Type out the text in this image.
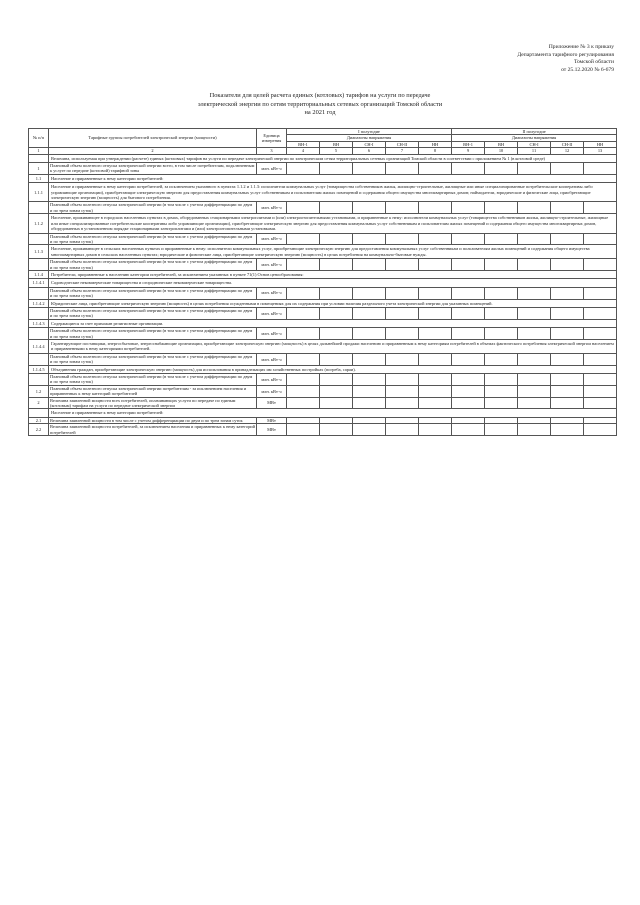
Приложение № 3 к приказу
Департамента тарифного регулирования
Томской области
от 25.12.2020 № 6-679
Показатели для целей расчета единых (котловых) тарифов на услуги по передаче
электрической энергии по сетям территориальных сетевых организаций Томской области
на 2021 год
№ п/п	Тарифные группы потребителей электрической энергии (мощности)	Единица измерения	I полугодие					II полугодие				
			Диапазоны напряжения					Диапазоны напряжения				
			ВН-1	ВН	СН-I	СН-II	НН	ВН-1	ВН	СН-I	СН-II	НН
1	2	3	4	5	6	7	8	9	10	11	12	13
	Величина, используемая при утверждении (расчете) единых (котловых) тарифов на услуги по передаче электрической энергии по электрическим сетям территориальных сетевых организаций Томской области в соответствии с приложением № 1 (в котловой среде)											
1	Плановый объем полезного отпуска электрической энергии всего, в том числе потребителям, подключенным к услуге по передаче (котловой) тарифной зоны	млн. кВт·ч										
1.1	Население и приравненные к нему категории потребителей:											
1.1.1	Население и приравненные к нему категории потребителей, за исключением указанного в пунктах 1.1.2 и 1.1.3: исполнители коммунальных услуг (товарищества собственников жилья, жилищно-строительные, жилищные или иные специализированные потребительские кооперативы либо управляющие организации), приобретающие электрическую энергию для предоставления коммунальных услуг собственникам и пользователям жилых помещений и содержания общего имущества многоквартирных домов; наймодатели, юридические и физические лица, приобретающие электрическую энергию (мощность) для бытового потребления.											
	Плановый объем полезного отпуска электрической энергии (в том числе с учетом дифференциации по двум и по трем зонам суток)	млн. кВт·ч										
1.1.2	Население, проживающее в городских населенных пунктах в домах, оборудованных стационарными электроплитами и (или) электроотопительными установками, и приравненные к нему: исполнители коммунальных услуг (товарищества собственников жилья, жилищно-строительные, жилищные или иные специализированные потребительские кооперативы либо управляющие организации), приобретающие электрическую энергию для предоставления коммунальных услуг собственникам и пользователям жилых помещений и содержания общего имущества многоквартирных домов, оборудованных в установленном порядке стационарными электроплитами и (или) электроотопительными установками.											
	Плановый объем полезного отпуска электрической энергии (в том числе с учетом дифференциации по двум и по трем зонам суток)	млн. кВт·ч										
1.1.3	Население, проживающее в сельских населенных пунктах и приравненные к нему: исполнители коммунальных услуг, приобретающие электрическую энергию для предоставления коммунальных услуг собственникам и пользователям жилых помещений и содержания общего имущества многоквартирных домов в сельских населенных пунктах; юридические и физические лица, приобретающие электрическую энергию (мощность) в целях потребления на коммунально-бытовые нужды.											
	Плановый объем полезного отпуска электрической энергии (в том числе с учетом дифференциации по двум и по трем зонам суток)	млн. кВт·ч										
1.1.4	Потребители, приравненные к населению категории потребителей, за исключением указанных в пункте 71(1) Основ ценообразования:											
1.1.4.1	Садоводческие некоммерческие товарищества и огороднические некоммерческие товарищества.											
	Плановый объем полезного отпуска электрической энергии (в том числе с учетом дифференциации по двум и по трем зонам суток)	млн. кВт·ч										
1.1.4.2	Юридические лица, приобретающие электрическую энергию (мощность) в целях потребления осужденными в помещениях для их содержания при условии наличия раздельного учета электрической энергии для указанных помещений.											
	Плановый объем полезного отпуска электрической энергии (в том числе с учетом дифференциации по двум и по трем зонам суток)	млн. кВт·ч										
1.1.4.3	Содержащиеся за счет прихожан религиозные организации.											
	Плановый объем полезного отпуска электрической энергии (в том числе с учетом дифференциации по двум и по трем зонам суток)	млн. кВт·ч										
1.1.4.4	Гарантирующие поставщики, энергосбытовые, энергоснабжающие организации, приобретающие электрическую энергию (мощность) в целях дальнейшей продажи населению и приравненным к нему категориям потребителей в объемах фактического потребления электрической энергии населением и приравненными к нему категориями потребителей.											
	Плановый объем полезного отпуска электрической энергии (в том числе с учетом дифференциации по двум и по трем зонам суток)	млн. кВт·ч										
1.1.4.5	Объединения граждан, приобретающие электрическую энергию (мощность) для использования в принадлежащих им хозяйственных постройках (погреба, сараи).											
	Плановый объем полезного отпуска электрической энергии (в том числе с учетом дифференциации по двум и по трем зонам суток)	млн. кВт·ч										
1.2	Плановый объем полезного отпуска электрической энергии потребителям - за исключением населения и приравненных к нему категорий потребителей	млн. кВт·ч										
2	Величина заявленной мощности всех потребителей, оплачивающих услуги по передаче по единым (котловым) тарифам на услуги по передаче электрической энергии	МВт										
	Население и приравненные к нему категории потребителей:											
2.1	Величина заявленной мощности в том числе с учетом дифференциации по двум и по трем зонам суток	МВт										
2.2	Величина заявленной мощности потребителей, за исключением населения и приравненных к нему категорий потребителей	МВт										
